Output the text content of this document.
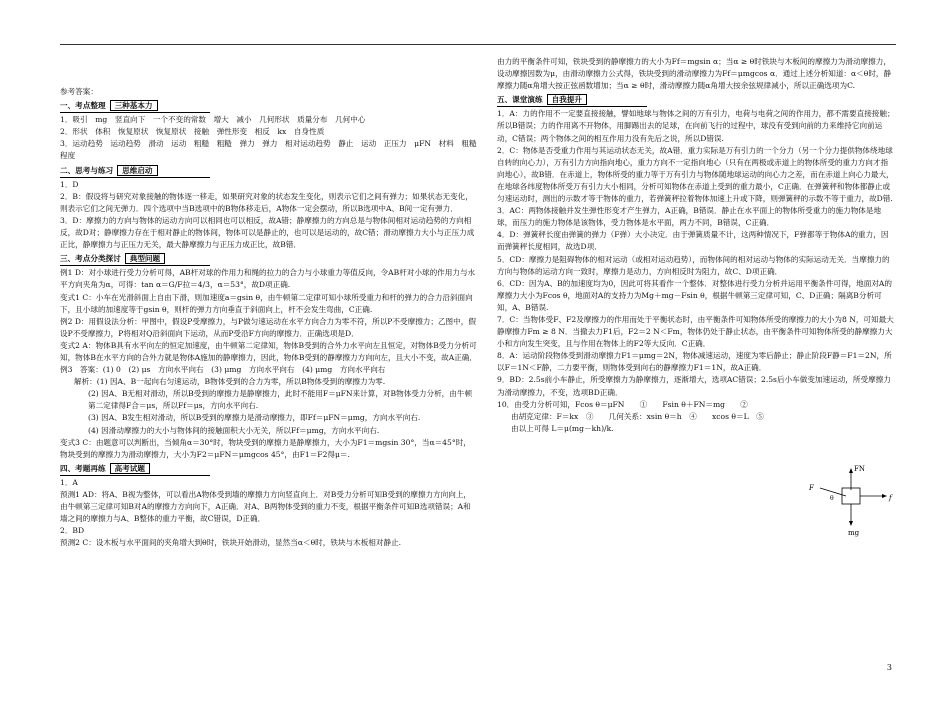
参考答案：

一、考点整理 三种基本力

1．吸引　mg　竖直向下　一个不变的常数　增大　减小　几何形状　质量分布　几何中心

2．形状　体积　恢复原状　恢复原状　接触　弹性形变　相反　kx　自身性质

3．运动趋势　运动趋势　滑动　运动　粗糙　粗糙　弹力　弹力　相对运动趋势　静止　运动　正压力　μFN　材料　粗糙程度

二、思考与练习 思维启动

1．D

2．B：假设将与研究对象接触的物体逐一移走，如果研究对象的状态发生变化，则表示它们之间有弹力；如果状态无变化，则表示它们之间无弹力．四个选项中当B选项中的B物体移走后，A物体一定会摆动，所以B选项中A、B间一定有弹力．

3．D：摩擦力的方向与物体的运动方向可以相同也可以相反，故A错；静摩擦力的方向总是与物体间相对运动趋势的方向相反，故D对；静摩擦力存在于相对静止的物体间，物体可以是静止的，也可以是运动的，故C错；滑动摩擦力大小与正压力成正比，静摩擦力与正压力无关，最大静摩擦力与正压力成正比，故B错．

三、考点分类探讨 典型问题

例1 D：对小球进行受力分析可得，AB杆对球的作用力和绳的拉力的合力与小球重力等值反向，令AB杆对小球的作用力与水平方向夹角为α，可得：tan α＝G/F拉＝4/3，α＝53°，故D项正确.

变式1 C：小车在光滑斜面上自由下滑，则加速度a＝gsin θ，由牛顿第二定律可知小球所受重力和杆的弹力的合力沿斜面向下，且小球的加速度等于gsin θ，则杆的弹力方向垂直于斜面向上，杆不会发生弯曲，C正确.

例2 D：用假设法分析：甲图中，假设P受摩擦力，与P做匀速运动在水平方向合力为零不符，所以P不受摩擦力；乙图中，假设P不受摩擦力，P将相对Q沿斜面向下运动，从而P受沿F方向的摩擦力．正确选项是D．

变式2 A：物体B具有水平向左的恒定加速度，由牛顿第二定律知，物体B受到的合外力水平向左且恒定，对物体B受力分析可知，物体B在水平方向的合外力就是物体A施加的静摩擦力，因此，物体B受到的静摩擦力方向向左，且大小不变，故A正确．

例3　答案：(1) 0　(2) μs　方向水平向右　(3) μmg　方向水平向右　(4) μmg　方向水平向右

解析：(1) 因A、B一起向右匀速运动，B物体受到的合力为零，所以B物体受到的摩擦力为零.

(2) 因A、B无相对滑动，所以B受到的摩擦力是静摩擦力，此时不能用F＝μFN来计算，对B物体受力分析，由牛顿第二定律得F合＝μs，所以Ff＝μs，方向水平向右.

(3) 因A、B发生相对滑动，所以B受到的摩擦力是滑动摩擦力，即Ff＝μFN＝μmg，方向水平向右.

(4) 因滑动摩擦力的大小与物体间的接触面积大小无关，所以Ff＝μmg，方向水平向右.

变式3 C：由题意可以判断出，当倾角α＝30°时，物块受到的摩擦力是静摩擦力，大小为F1＝mgsin 30°，当α＝45°时，物块受到的摩擦力为滑动摩擦力，大小为F2＝μFN＝μmgcos 45°，由F1＝F2得μ＝.

四、考题再练 高考试题

1．A

预测1 AD：将A、B视为整体，可以看出A物体受到墙的摩擦力方向竖直向上．对B受力分析可知B受到的摩擦力方向向上，由牛顿第三定律可知B对A的摩擦力方向向下，A正确．对A、B两物体受到的重力不变，根据平衡条件可知B选项错误；A和墙之间的摩擦力与A、B整体的重力平衡，故C错误，D正确．

2．BD

预测2 C：设木板与水平面间的夹角增大到θ时，铁块开始滑动，显然当α＜θ时，铁块与木板相对静止.

由力的平衡条件可知，铁块受到的静摩擦力的大小为Ff＝mgsin α；当α ≥ θ时铁块与木板间的摩擦力为滑动摩擦力，设动摩擦因数为μ，由滑动摩擦力公式得，铁块受到的滑动摩擦力为Ff＝μmgcos α．通过上述分析知道：α＜θ时，静摩擦力随α角增大按正弦函数增加；当α ≥ θ时，滑动摩擦力随α角增大按余弦规律减小，所以正确选项为C.

五、课堂演练 自我提升

1．A：力的作用不一定要直接接触，譬如地球与物体之间的万有引力，电荷与电荷之间的作用力，都不需要直接接触；所以B错误；力的作用离不开物体，用脚踢出去的足球，在向前飞行的过程中，球没有受到向前的力来维持它向前运动，C错误；两个物体之间的相互作用力没有先后之说，所以D错误.

2．C：物体是否受重力作用与其运动状态无关，故A错．重力实际是万有引力的一个分力（另一个分力提供物体绕地球自转的向心力），万有引力方向指向地心，重力方向不一定指向地心（只有在两极或赤道上的物体所受的重力方向才指向地心），故B错．在赤道上，物体所受的重力等于万有引力与物体随地球运动的向心力之差，而在赤道上向心力最大，在地球各纬度物体所受万有引力大小相同，分析可知物体在赤道上受到的重力最小，C正确．在弹簧秤和物体都静止或匀速运动时，测出的示数才等于物体的重力，若弹簧秤拉着物体加速上升或下降，则弹簧秤的示数不等于重力，故D错.

3．AC：两物体接触并发生弹性形变才产生弹力，A正确，B错误．静止在水平面上的物体所受重力的施力物体是地球，而压力的施力物体是该物体，受力物体是水平面，两力不同，B错误，C正确．

4．D：弹簧秤长度由弹簧的弹力（F弹）大小决定．由于弹簧质量不计，这两种情况下，F弹都等于物体A的重力，因而弹簧秤长度相同，故选D项．

5．CD：摩擦力是阻碍物体的相对运动（或相对运动趋势），而物体间的相对运动与物体的实际运动无关．当摩擦力的方向与物体的运动方向一致时，摩擦力是动力，方向相反时为阻力，故C、D项正确．

6．CD：因为A、B的加速度均为0，因此可将其看作一个整体．对整体进行受力分析并运用平衡条件可得，地面对A的摩擦力大小为Fcos θ，地面对A的支持力为Mg＋mg－Fsin θ，根据牛顿第三定律可知，C、D正确；隔离B分析可知，A、B错误.

7．C：当物体受F、F2及摩擦力的作用而处于平衡状态时，由平衡条件可知物体所受的摩擦力的大小为8 N，可知最大静摩擦力Fm ≥ 8 N．当撤去力F1后，F2＝2 N＜Fm，物体仍处于静止状态，由平衡条件可知物体所受的静摩擦力大小和方向发生突变，且与作用在物体上的F2等大反向．C正确．

8．A：运动阶段物体受到滑动摩擦力F1＝μmg＝2N，物体减速运动，速度为零后静止；静止阶段F静＝F1＝2N，所以F＝1N＜F静，二力要平衡，则物体受到向右的静摩擦力F1＝1N，故A正确．

9．BD：2.5s前小车静止，所受摩擦力为静摩擦力，逐渐增大，选项AC错误；2.5s后小车做变加速运动，所受摩擦力为滑动摩擦力，不变，选项BD正确．

10．由受力分析可知，Fcos θ＝μFN　　①　　Fsin θ＋FN＝mg　　②

由胡克定律：F＝kx　③　　几何关系：xsin θ＝h　④　　xcos θ＝L　⑤

由以上可得 L＝μ(mg－kh)/k.

FN
F
θ	f
mg
3
